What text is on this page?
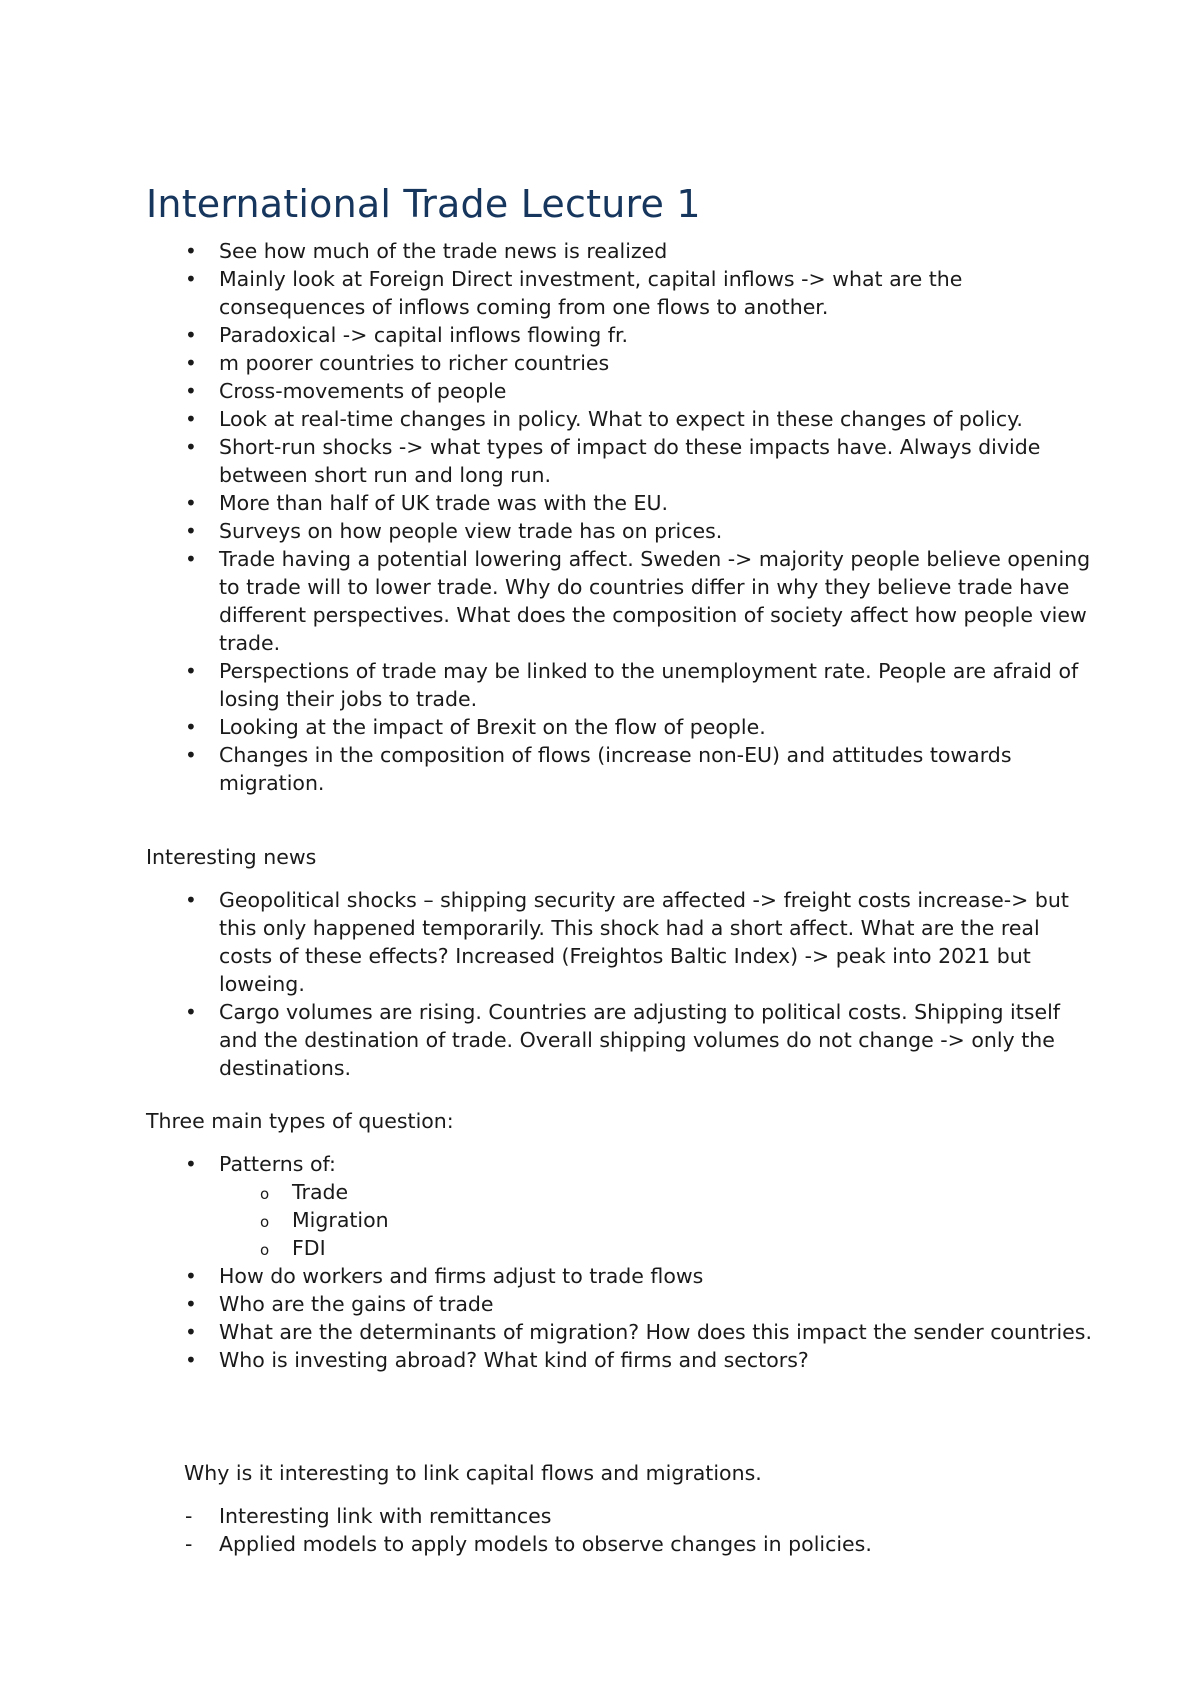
International Trade Lecture 1
• See how much of the trade news is realized
• Mainly look at Foreign Direct investment, capital inflows -> what are the consequences of inflows coming from one flows to another.
• Paradoxical -> capital inflows flowing fr.
• m poorer countries to richer countries
• Cross-movements of people
• Look at real-time changes in policy. What to expect in these changes of policy.
• Short-run shocks -> what types of impact do these impacts have. Always divide between short run and long run.
• More than half of UK trade was with the EU.
• Surveys on how people view trade has on prices.
• Trade having a potential lowering affect. Sweden -> majority people believe opening to trade will to lower trade. Why do countries differ in why they believe trade have different perspectives. What does the composition of society affect how people view trade.
• Perspections of trade may be linked to the unemployment rate. People are afraid of losing their jobs to trade.
• Looking at the impact of Brexit on the flow of people.
• Changes in the composition of flows (increase non-EU) and attitudes towards migration.
Interesting news
• Geopolitical shocks – shipping security are affected -> freight costs increase-> but this only happened temporarily. This shock had a short affect. What are the real costs of these effects? Increased (Freightos Baltic Index) -> peak into 2021 but loweing.
• Cargo volumes are rising. Countries are adjusting to political costs. Shipping itself and the destination of trade. Overall shipping volumes do not change -> only the destinations.
Three main types of question:
• Patterns of:
o Trade
o Migration
o FDI
• How do workers and firms adjust to trade flows
• Who are the gains of trade
• What are the determinants of migration? How does this impact the sender countries.
• Who is investing abroad? What kind of firms and sectors?
Why is it interesting to link capital flows and migrations.
- Interesting link with remittances
- Applied models to apply models to observe changes in policies.
